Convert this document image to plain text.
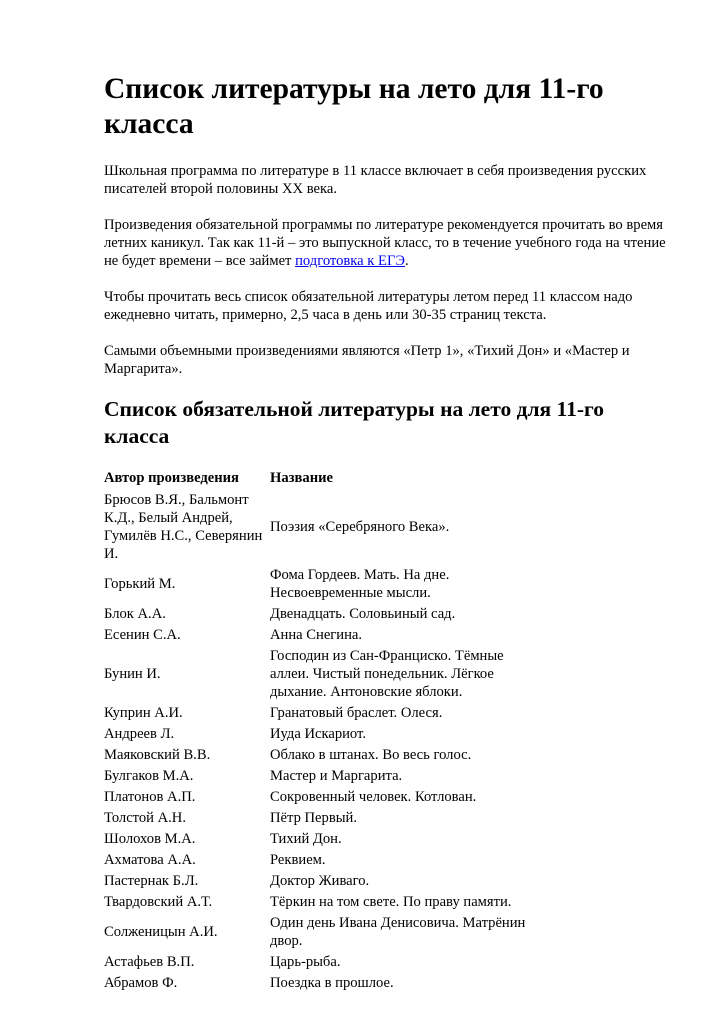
Список литературы на лето для 11-го класса

Школьная программа по литературе в 11 классе включает в себя произведения русских писателей второй половины XX века.

Произведения обязательной программы по литературе рекомендуется прочитать во время летних каникул. Так как 11-й – это выпускной класс, то в течение учебного года на чтение не будет времени – все займет подготовка к ЕГЭ.

Чтобы прочитать весь список обязательной литературы летом перед 11 классом надо ежедневно читать, примерно, 2,5 часа в день или 30-35 страниц текста.

Самыми объемными произведениями являются «Петр 1», «Тихий Дон» и «Мастер и Маргарита».

Список обязательной литературы на лето для 11-го класса
Автор произведения	Название
Брюсов В.Я., Бальмонт К.Д., Белый Андрей, Гумилёв Н.С., Северянин И.	Поэзия «Серебряного Века».
Горький М.	Фома Гордеев. Мать. На дне. Несвоевременные мысли.
Блок А.А.	Двенадцать. Соловьиный сад.
Есенин С.А.	Анна Снегина.
Бунин И.	Господин из Сан-Франциско. Тёмные аллеи. Чистый понедельник. Лёгкое дыхание. Антоновские яблоки.
Куприн А.И.	Гранатовый браслет. Олеся.
Андреев Л.	Иуда Искариот.
Маяковский В.В.	Облако в штанах. Во весь голос.
Булгаков М.А.	Мастер и Маргарита.
Платонов А.П.	Сокровенный человек. Котлован.
Толстой А.Н.	Пётр Первый.
Шолохов М.А.	Тихий Дон.
Ахматова А.А.	Реквием.
Пастернак Б.Л.	Доктор Живаго.
Твардовский А.Т.	Тёркин на том свете. По праву памяти.
Солженицын А.И.	Один день Ивана Денисовича. Матрёнин двор.
Астафьев В.П.	Царь-рыба.
Абрамов Ф.	Поездка в прошлое.
